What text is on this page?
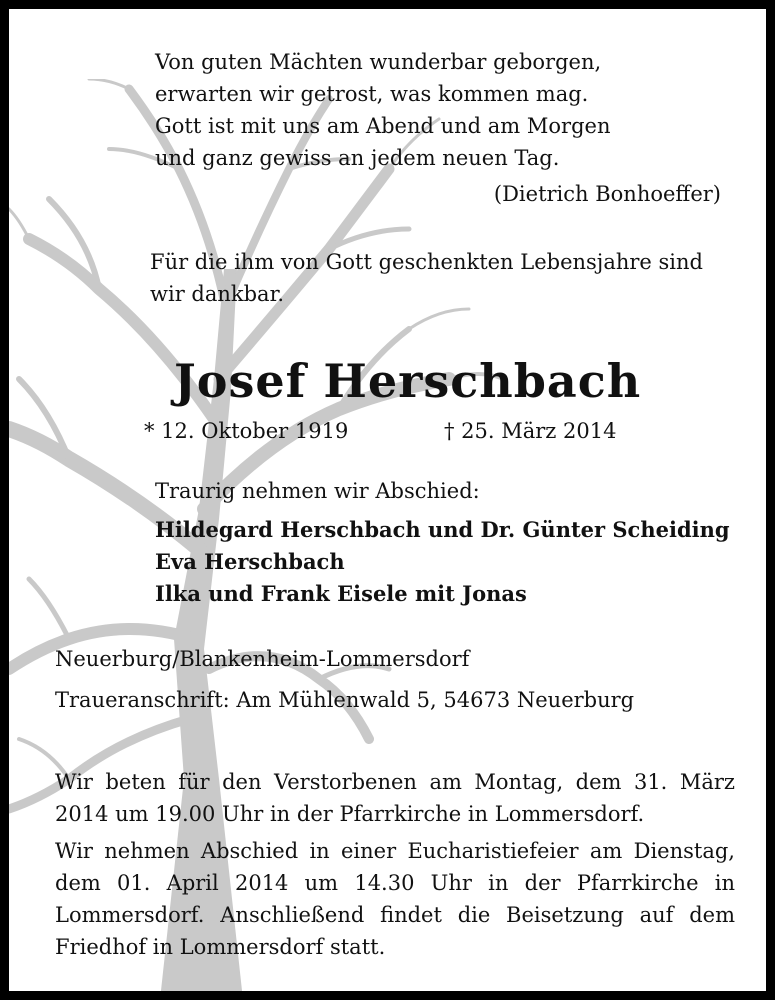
Von guten Mächten wunderbar geborgen,
erwarten wir getrost, was kommen mag.
Gott ist mit uns am Abend und am Morgen
und ganz gewiss an jedem neuen Tag.

(Dietrich Bonhoeffer)

Für die ihm von Gott geschenkten Lebensjahre sind
wir dankbar.
Josef Herschbach

* 12. Oktober 1919	† 25. März 2014

Traurig nehmen wir Abschied:

Hildegard Herschbach und Dr. Günter Scheiding

Eva Herschbach

Ilka und Frank Eisele mit Jonas

Neuerburg/Blankenheim-Lommersdorf

Traueranschrift: Am Mühlenwald 5, 54673 Neuerburg

Wir beten für den Verstorbenen am Montag, dem 31. März 2014 um 19.00 Uhr in der Pfarrkirche in Lommersdorf.

Wir nehmen Abschied in einer Eucharistiefeier am Dienstag, dem 01. April 2014 um 14.30 Uhr in der Pfarrkirche in Lommersdorf. Anschließend findet die Beisetzung auf dem Friedhof in Lommersdorf statt.
